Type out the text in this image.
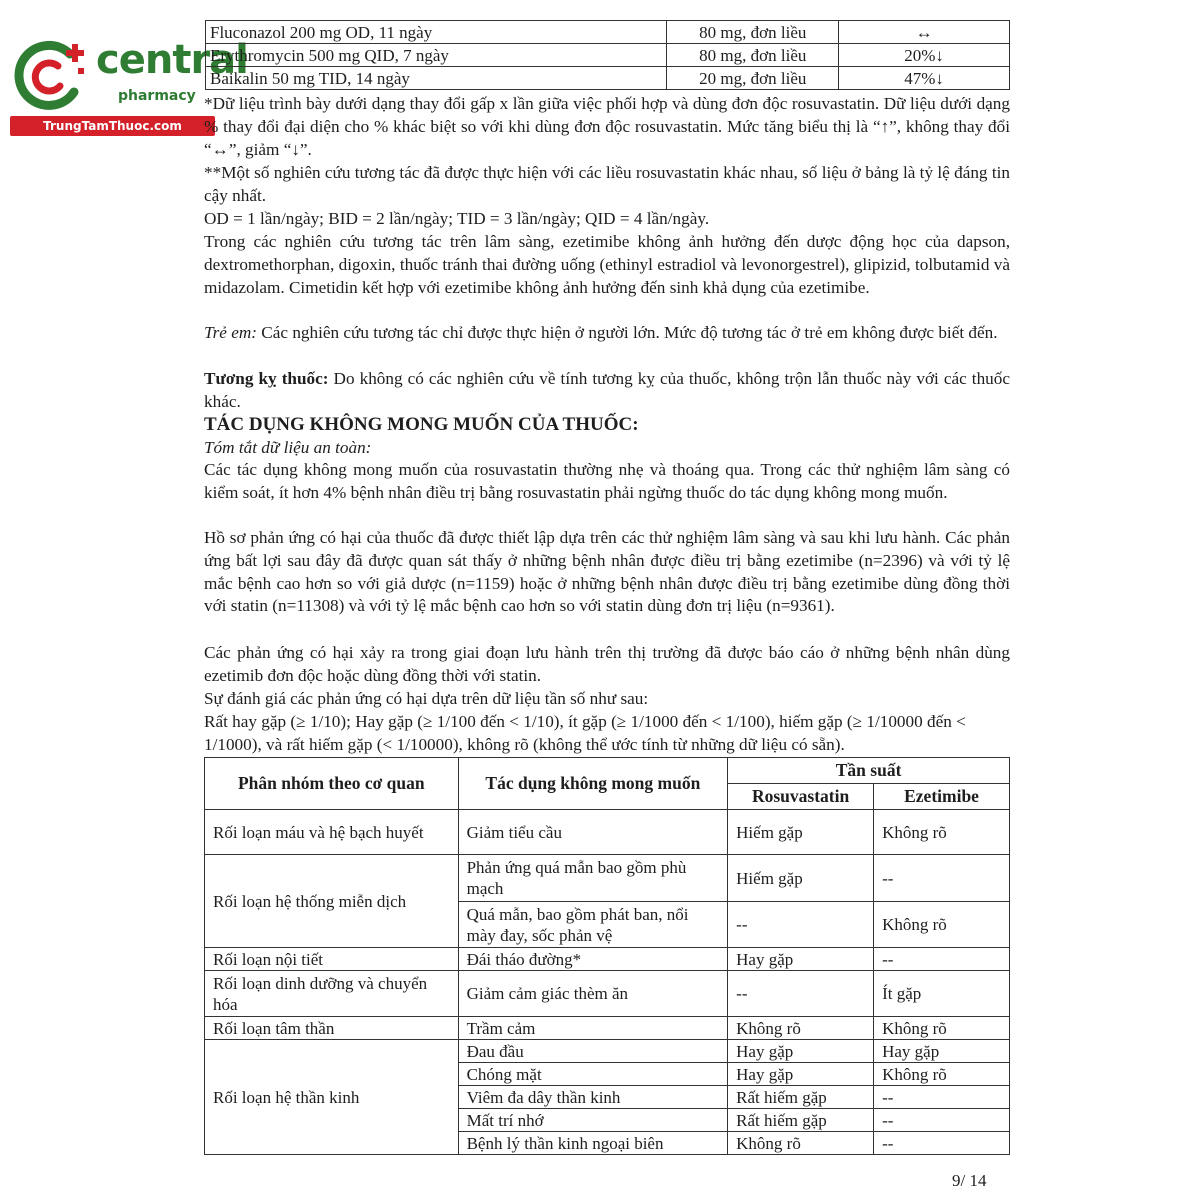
central
pharmacy
TrungTamThuoc.com
Fluconazol 200 mg OD, 11 ngày	80 mg, đơn liều	↔
Erythromycin 500 mg QID, 7 ngày	80 mg, đơn liều	20%↓
Baikalin 50 mg TID, 14 ngày	20 mg, đơn liều	47%↓

*Dữ liệu trình bày dưới dạng thay đổi gấp x lần giữa việc phối hợp và dùng đơn độc rosuvastatin. Dữ liệu dưới dạng % thay đổi đại diện cho % khác biệt so với khi dùng đơn độc rosuvastatin. Mức tăng biểu thị là “↑”, không thay đổi “↔”, giảm “↓”.

**Một số nghiên cứu tương tác đã được thực hiện với các liều rosuvastatin khác nhau, số liệu ở bảng là tỷ lệ đáng tin cậy nhất.

OD = 1 lần/ngày; BID = 2 lần/ngày; TID = 3 lần/ngày; QID = 4 lần/ngày.

Trong các nghiên cứu tương tác trên lâm sàng, ezetimibe không ảnh hưởng đến dược động học của dapson, dextromethorphan, digoxin, thuốc tránh thai đường uống (ethinyl estradiol và levonorgestrel), glipizid, tolbutamid và midazolam. Cimetidin kết hợp với ezetimibe không ảnh hưởng đến sinh khả dụng của ezetimibe.

Trẻ em: Các nghiên cứu tương tác chỉ được thực hiện ở người lớn. Mức độ tương tác ở trẻ em không được biết đến.

Tương kỵ thuốc: Do không có các nghiên cứu về tính tương kỵ của thuốc, không trộn lẫn thuốc này với các thuốc khác.

TÁC DỤNG KHÔNG MONG MUỐN CỦA THUỐC:

Tóm tắt dữ liệu an toàn:

Các tác dụng không mong muốn của rosuvastatin thường nhẹ và thoáng qua. Trong các thử nghiệm lâm sàng có kiểm soát, ít hơn 4% bệnh nhân điều trị bằng rosuvastatin phải ngừng thuốc do tác dụng không mong muốn.

Hồ sơ phản ứng có hại của thuốc đã được thiết lập dựa trên các thử nghiệm lâm sàng và sau khi lưu hành. Các phản ứng bất lợi sau đây đã được quan sát thấy ở những bệnh nhân được điều trị bằng ezetimibe (n=2396) và với tỷ lệ mắc bệnh cao hơn so với giả dược (n=1159) hoặc ở những bệnh nhân được điều trị bằng ezetimibe dùng đồng thời với statin (n=11308) và với tỷ lệ mắc bệnh cao hơn so với statin dùng đơn trị liệu (n=9361).

Các phản ứng có hại xảy ra trong giai đoạn lưu hành trên thị trường đã được báo cáo ở những bệnh nhân dùng ezetimib đơn độc hoặc dùng đồng thời với statin.

Sự đánh giá các phản ứng có hại dựa trên dữ liệu tần số như sau:

Rất hay gặp (≥ 1/10); Hay gặp (≥ 1/100 đến < 1/10), ít gặp (≥ 1/1000 đến < 1/100), hiếm gặp (≥ 1/10000 đến < 1/1000), và rất hiếm gặp (< 1/10000), không rõ (không thể ước tính từ những dữ liệu có sẵn).

Phân nhóm theo cơ quan	Tác dụng không mong muốn	Tần suất	
		Rosuvastatin	Ezetimibe
Rối loạn máu và hệ bạch huyết	Giảm tiểu cầu	Hiếm gặp	Không rõ
Rối loạn hệ thống miễn dịch	Phản ứng quá mẫn bao gồm phù mạch	Hiếm gặp	--
	Quá mẫn, bao gồm phát ban, nổi mày đay, sốc phản vệ	--	Không rõ
Rối loạn nội tiết	Đái tháo đường*	Hay gặp	--
Rối loạn dinh dưỡng và chuyển hóa	Giảm cảm giác thèm ăn	--	Ít gặp
Rối loạn tâm thần	Trầm cảm	Không rõ	Không rõ
Rối loạn hệ thần kinh	Đau đầu	Hay gặp	Hay gặp
	Chóng mặt	Hay gặp	Không rõ
	Viêm đa dây thần kinh	Rất hiếm gặp	--
	Mất trí nhớ	Rất hiếm gặp	--
	Bệnh lý thần kinh ngoại biên	Không rõ	--
9/ 14
